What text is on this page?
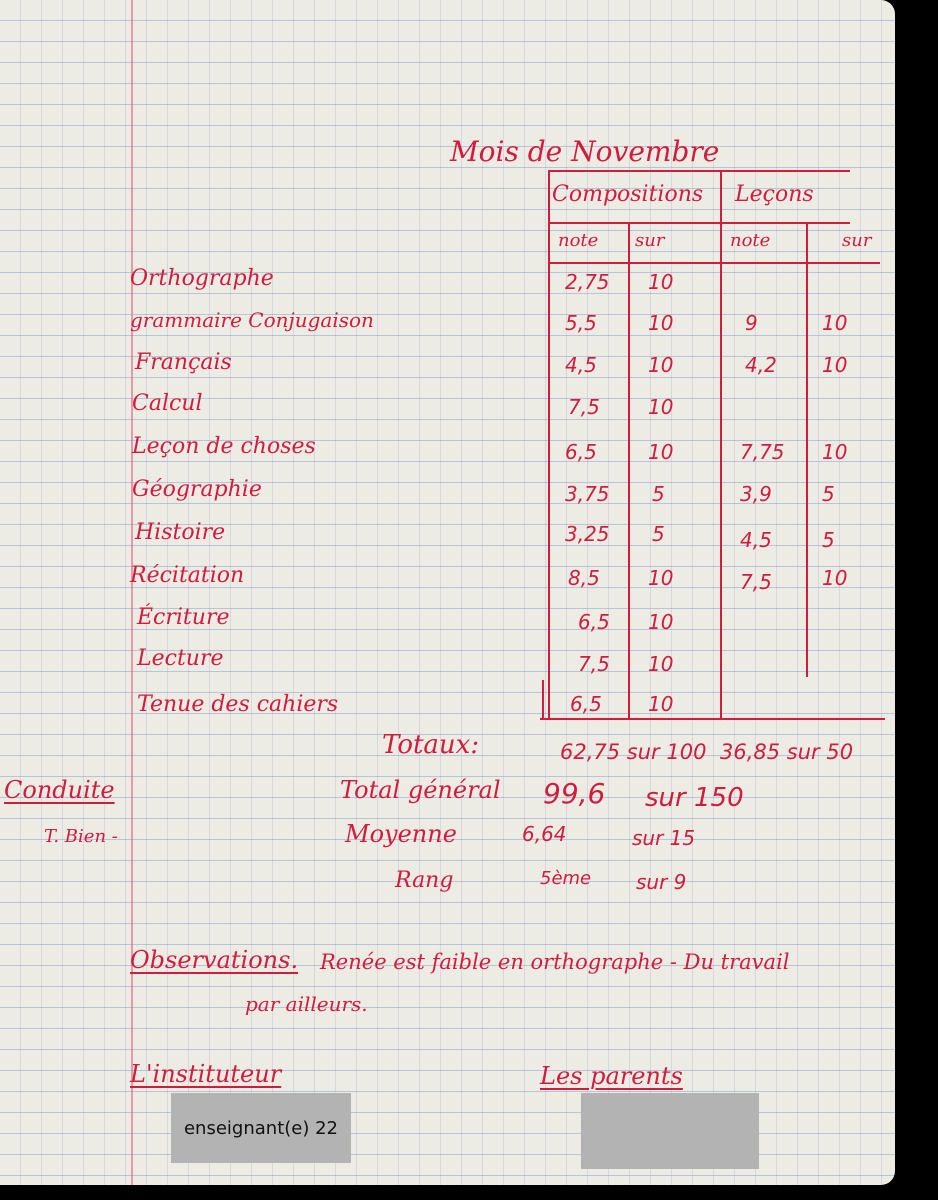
Mois de Novembre
Compositions Leçons
note sur	note	sur
Orthographe	2,75 10
grammaire Conjugaison	5,5	10	9	10
Français	4,5	10	4,2 10
Calcul	7,5 10
Leçon de choses	6,5	10	7,75 10
Géographie	3,75 5	3,9	5
Histoire	3,25 5	4,5	5
Récitation	8,5 10	7,5	10
Écriture	6,5 10
Lecture	7,5 10
Tenue des cahiers	6,5 10
Totaux:	62,75 sur 100 36,85 sur 50
Conduite
T. Bien -
Total général 99,6 sur 150
Moyenne	6,64	sur 15
Rang	5ème sur 9
Observations. Renée est faible en orthographe - Du travail
par ailleurs.
L'instituteur	Les parents
enseignant(e) 22
